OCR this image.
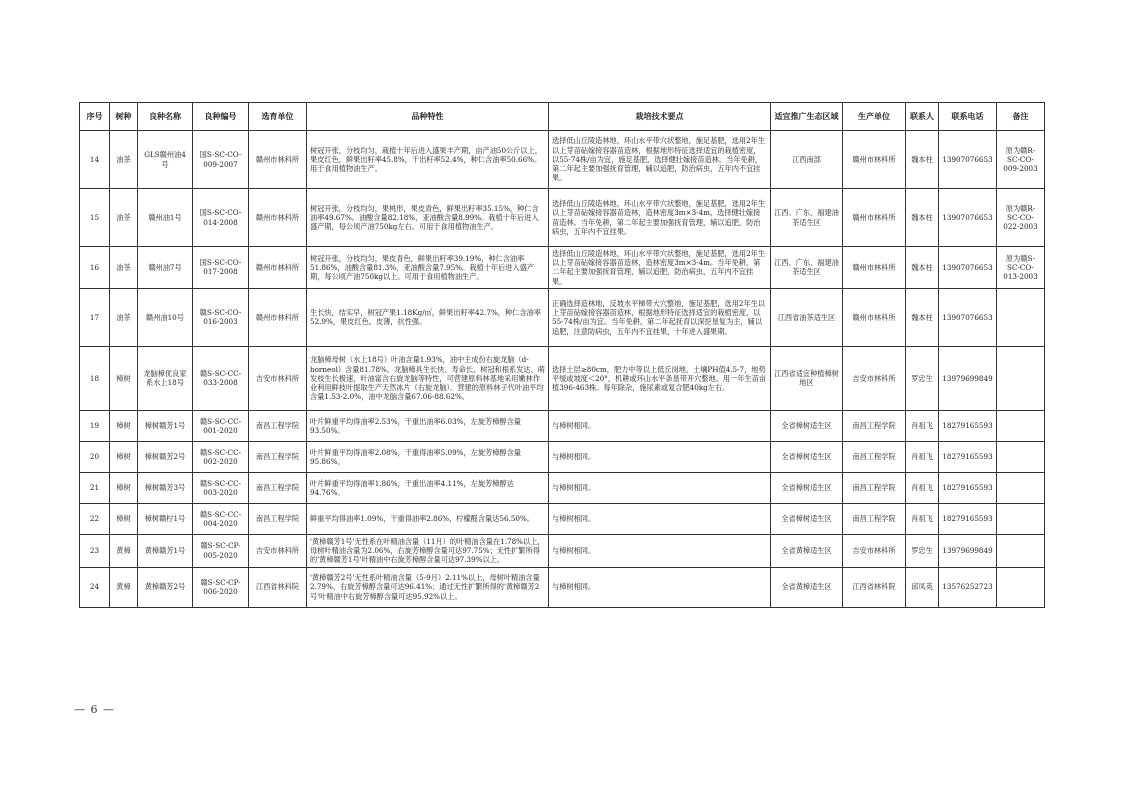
序号	树种	良种名称	良种编号	选育单位	品种特性	栽培技术要点	适宜推广生态区域	生产单位	联系人	联系电话	备注
14	油茶	GLS赣州油4号	国S-SC-CO-009-2007	赣州市林科所	树冠开张，分枝均匀，栽植十年后进入盛果丰产期，亩产油50公斤以上，果皮红色，鲜果出籽率45.8%，干出籽率52.4%，种仁含油率50.66%。用于食用植物油生产。	选择低山丘陵造林地，环山水平带穴状整地，施足基肥，选用2年生以上芽苗砧嫁接容器苗造林，根据地形特征选择适宜的栽植密度，以55-74株/亩为宜，施足基肥，选择健壮嫁接苗造林。当年免耕，第二年起主要加强抚育管理，辅以追肥，防治病虫，五年内不宜挂果。	江西南部	赣州市林科所	魏本柱	13907076653	原为赣R-SC-CO-009-2003
15	油茶	赣州油1号	国S-SC-CO-014-2008	赣州市林科所	树冠开张，分枝均匀，果桃形，果皮青色，鲜果出籽率35.15%，种仁含油率49.67%。油酸含量82.18%，亚油酸含量8.99%。栽植十年后进入盛产期，每公顷产油750kg左右。可用于食用植物油生产。	选择低山丘陵造林地，环山水平带穴状整地，施足基肥，选用2年生以上芽苗砧嫁接容器苗造林，造林密度3m×3-4m，选择健壮嫁接苗造林。当年免耕，第二年起主要加强抚育管理，辅以追肥，防治病虫，五年内不宜挂果。	江西、广东、福建油茶适生区	赣州市林科所	魏本柱	13907076653	原为赣R-SC-CO-022-2003
16	油茶	赣州油7号	国S-SC-CO-017-2008	赣州市林科所	树冠开张，分枝均匀，果皮青色，鲜果出籽率39.19%，种仁含油率51.86%，油酸含量81.3%，亚油酸含量7.95%。栽植十年后进入盛产期，每公顷产油750kg以上。可用于食用植物油生产。	选择低山丘陵造林地，环山水平带穴状整地，施足基肥，选用2年生以上芽苗砧嫁接容器苗造林，造林密度3m×3-4m。当年免耕，第二年起主要加强抚育管理，辅以追肥，防治病虫，五年内不宜挂果。	江西、广东、福建油茶适生区	赣州市林科所	魏本柱	13907076653	原为赣S-SC-CO-013-2003
17	油茶	赣州油10号	赣S-SC-CO-016-2003	赣州市林科所	生长快，结实早，树冠产果1.18Kg/㎡，鲜果出籽率42.7%，种仁含油率52.9%，果皮红色，皮薄，抗性强。	正确选择造林地，反坡水平梯带大穴整地，施足基肥，选用2年生以上芽苗砧嫁接容器苗造林，根据地形特征选择适宜的栽植密度，以55-74株/亩为宜。当年免耕，第二年起抚育以深挖垦复为主，辅以追肥，注意防病虫，五年内不宜挂果，十年进入盛果期。	江西省油茶适生区	赣州市林科所	魏本柱	13907076653	
18	樟树	龙脑樟优良家系水上18号	赣S-SC-CC-033-2008	吉安市林科所	龙脑樟母树（水上18号）叶油含量1.93%，油中主成份右旋龙脑（d-borneol）含量81.78%。龙脑樟具生长快、寿命长、树冠和根系发达、萌发枝生长极速，叶油富含右旋龙脑等特性，可营建原料林基地采用嫩林作业利用鲜枝叶提取生产天然冰片（右旋龙脑）。营建的原料林子代叶油平均含量1.53-2.0%，油中龙脑含量67.06-88.62%。	选择土层≥80cm，肥力中等以上低丘岗地，土壤PH值4.5-7，地势平缓或坡度＜20°，机耕或环山水平条垦带开穴整地。用一年生苗亩植396-463株。每年除杂，施尿素或复合肥40kg左右。	江西省适宜种植樟树地区	吉安市林科所	罗忠生	13979699849	
19	樟树	樟树赣芳1号	赣S-SC-CC-001-2020	南昌工程学院	叶片鲜重平均得油率2.53%，干重出油率6.03%，左旋芳樟醇含量93.50%。	与樟树相同。	全省樟树适生区	南昌工程学院	肖祖飞	18279165593	
20	樟树	樟树赣芳2号	赣S-SC-CC-002-2020	南昌工程学院	叶片鲜重平均得油率2.08%，干重得油率5.09%，左旋芳樟醇含量95.86%。	与樟树相同。	全省樟树适生区	南昌工程学院	肖祖飞	18279165593	
21	樟树	樟树赣芳3号	赣S-SC-CC-003-2020	南昌工程学院	叶片鲜重平均得油率1.86%，干重出油率4.11%，左旋芳樟醇达94.76%。	与樟树相同。	全省樟树适生区	南昌工程学院	肖祖飞	18279165593	
22	樟树	樟树赣柠1号	赣S-SC-CC-004-2020	南昌工程学院	鲜重平均得油率1.09%，干重得油率2.86%，柠檬醛含量达56.50%。	与樟树相同。	全省樟树适生区	南昌工程学院	肖祖飞	18279165593	
23	黄樟	黄樟赣芳1号	赣S-SC-CP-005-2020	吉安市林科所	'黄樟赣芳1号'无性系在叶精油含量（11月）的叶精油含量在1.78%以上，母树叶精油含量为2.06%，右旋芳樟醇含量可达97.75%；无性扩繁所得的'黄樟赣芳1号'叶精油中右旋芳樟醇含量可达97.39%以上。	与樟树相同。	全省黄樟适生区	吉安市林科所	罗忠生	13979699849	
24	黄樟	黄樟赣芳2号	赣S-SC-CP-006-2020	江西省林科院	'黄樟赣芳2号'无性系叶精油含量（5-9月）2.11%以上，母树叶精油含量2.79%，右旋芳樟醇含量可达96.41%；通过无性扩繁所得的'黄樟赣芳2号'叶精油中右旋芳樟醇含量可达95.92%以上。	与樟树相同。	全省黄樟适生区	江西省林科院	邱凤英	13576252723	
— 6 —
